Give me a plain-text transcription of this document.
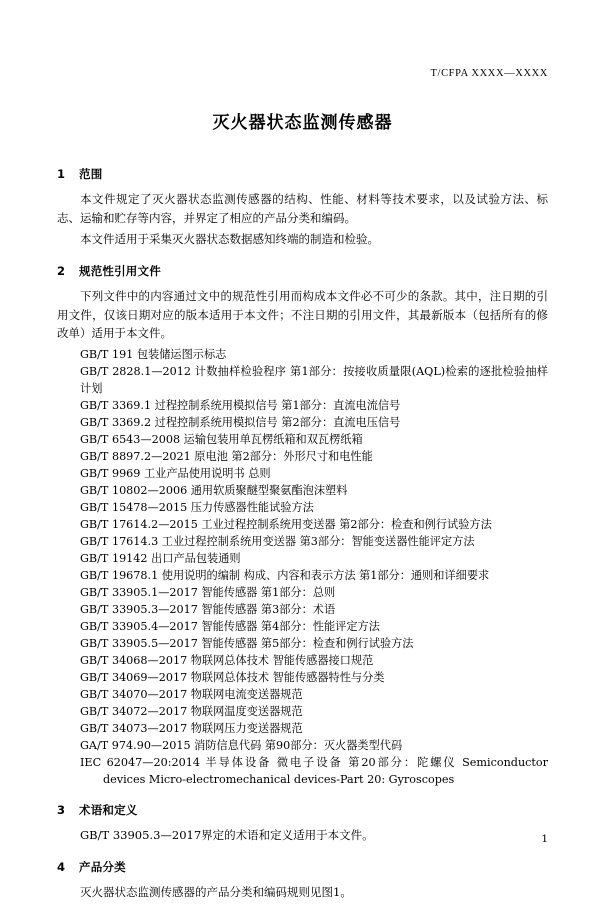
T/CFPA XXXX—XXXX
灭火器状态监测传感器
1 范围

本文件规定了灭火器状态监测传感器的结构、性能、材料等技术要求，以及试验方法、标志、运输和贮存等内容，并界定了相应的产品分类和编码。

本文件适用于采集灭火器状态数据感知终端的制造和检验。

2 规范性引用文件

下列文件中的内容通过文中的规范性引用而构成本文件必不可少的条款。其中，注日期的引用文件，仅该日期对应的版本适用于本文件；不注日期的引用文件，其最新版本（包括所有的修改单）适用于本文件。

GB/T 191 包装储运图示标志
GB/T 2828.1—2012 计数抽样检验程序 第1部分：按接收质量限(AQL)检索的逐批检验抽样计划
GB/T 3369.1 过程控制系统用模拟信号 第1部分：直流电流信号
GB/T 3369.2 过程控制系统用模拟信号 第2部分：直流电压信号
GB/T 6543—2008 运输包装用单瓦楞纸箱和双瓦楞纸箱
GB/T 8897.2—2021 原电池 第2部分：外形尺寸和电性能
GB/T 9969 工业产品使用说明书 总则
GB/T 10802—2006 通用软质聚醚型聚氨酯泡沫塑料
GB/T 15478—2015 压力传感器性能试验方法
GB/T 17614.2—2015 工业过程控制系统用变送器 第2部分：检查和例行试验方法
GB/T 17614.3 工业过程控制系统用变送器 第3部分：智能变送器性能评定方法
GB/T 19142 出口产品包装通则
GB/T 19678.1 使用说明的编制 构成、内容和表示方法 第1部分：通则和详细要求
GB/T 33905.1—2017 智能传感器 第1部分：总则
GB/T 33905.3—2017 智能传感器 第3部分：术语
GB/T 33905.4—2017 智能传感器 第4部分：性能评定方法
GB/T 33905.5—2017 智能传感器 第5部分：检查和例行试验方法
GB/T 34068—2017 物联网总体技术 智能传感器接口规范
GB/T 34069—2017 物联网总体技术 智能传感器特性与分类
GB/T 34070—2017 物联网电流变送器规范
GB/T 34072—2017 物联网温度变送器规范
GB/T 34073—2017 物联网压力变送器规范
GA/T 974.90—2015 消防信息代码 第90部分：灭火器类型代码
IEC 62047—20:2014 半导体设备 微电子设备 第20部分：陀螺仪 Semiconductor devices Micro-electromechanical devices-Part 20: Gyroscopes
3 术语和定义

GB/T 33905.3—2017界定的术语和定义适用于本文件。

4 产品分类

灭火器状态监测传感器的产品分类和编码规则见图1。

1
